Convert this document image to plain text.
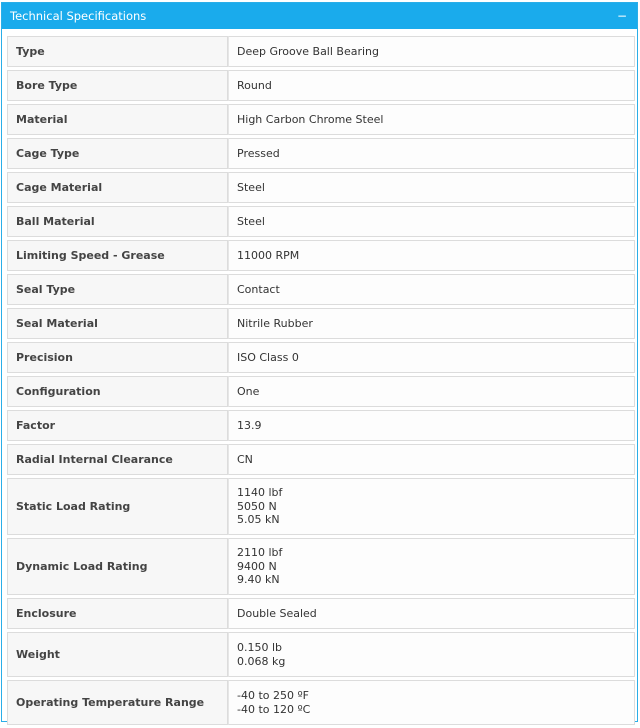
Technical Specifications	−
Type	Deep Groove Ball Bearing
Bore Type	Round
Material	High Carbon Chrome Steel
Cage Type	Pressed
Cage Material	Steel
Ball Material	Steel
Limiting Speed - Grease	11000 RPM
Seal Type	Contact
Seal Material	Nitrile Rubber
Precision	ISO Class 0
Configuration	One
Factor	13.9
Radial Internal Clearance	CN
Static Load Rating	1140 lbf
5050 N
5.05 kN

Dynamic Load Rating	2110 lbf
9400 N
9.40 kN

Enclosure	Double Sealed
Weight	0.150 lb
0.068 kg

Operating Temperature Range	-40 to 250 ºF
-40 to 120 ºC
